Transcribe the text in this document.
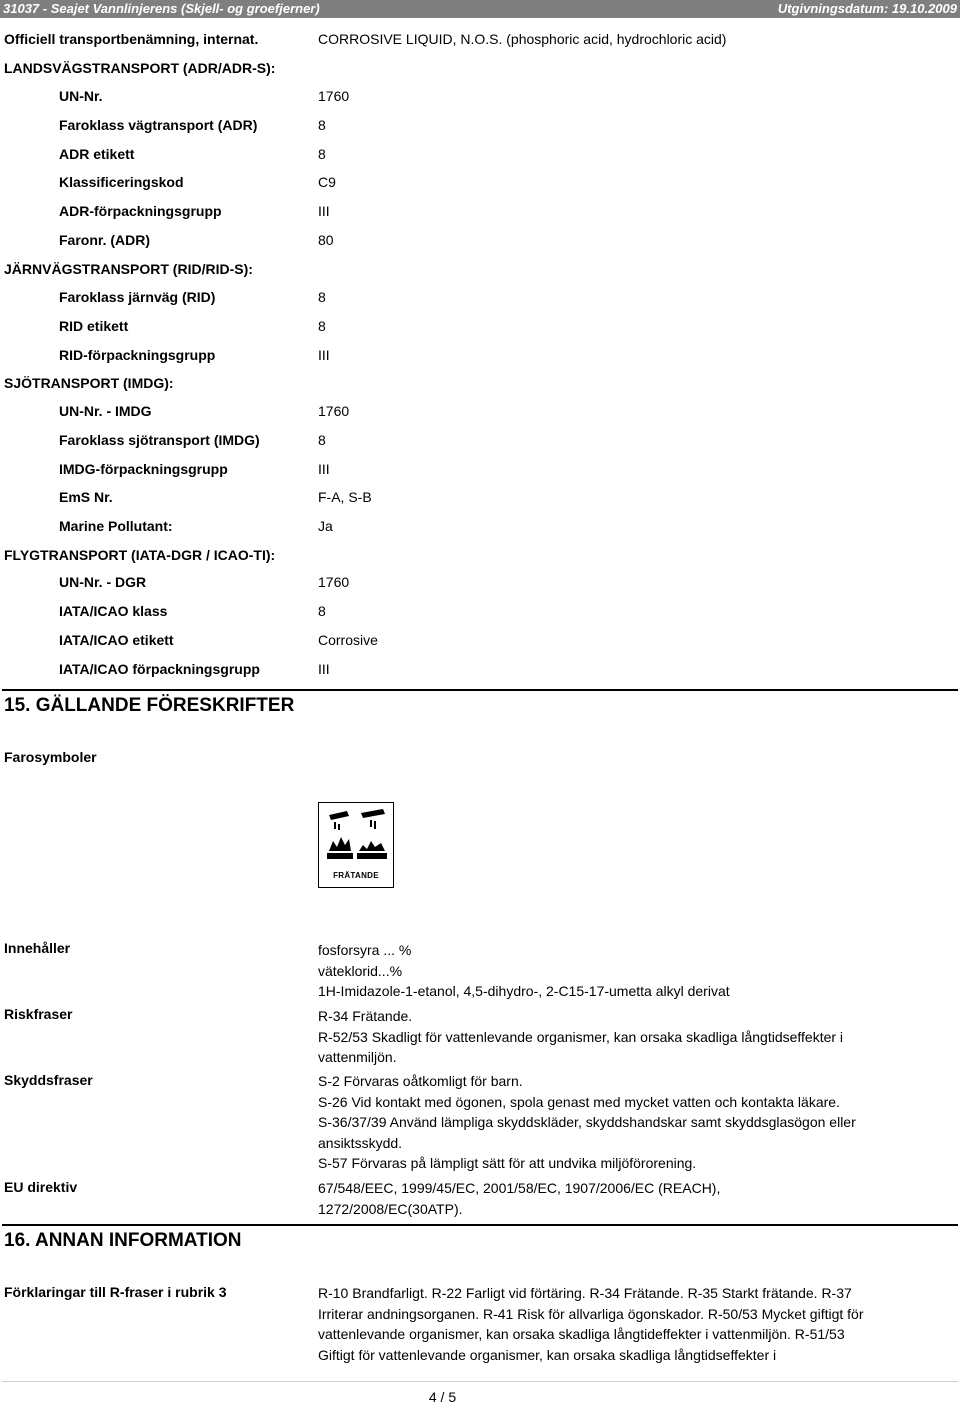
31037 - Seajet Vannlinjerens (Skjell- og groefjerner)	Utgivningsdatum: 19.10.2009
Officiell transportbenämning, internat.	CORROSIVE LIQUID, N.O.S. (phosphoric acid, hydrochloric acid)
LANDSVÄGSTRANSPORT (ADR/ADR-S):
UN-Nr.	1760
Faroklass vägtransport (ADR)	8
ADR etikett	8
Klassificeringskod	C9
ADR-förpackningsgrupp	III
Faronr. (ADR)	80
JÄRNVÄGSTRANSPORT (RID/RID-S):
Faroklass järnväg (RID)	8
RID etikett	8
RID-förpackningsgrupp	III
SJÖTRANSPORT (IMDG):
UN-Nr. - IMDG	1760
Faroklass sjötransport (IMDG)	8
IMDG-förpackningsgrupp	III
EmS Nr.	F-A, S-B
Marine Pollutant:	Ja
FLYGTRANSPORT (IATA-DGR / ICAO-TI):
UN-Nr. - DGR	1760
IATA/ICAO klass	8
IATA/ICAO etikett	Corrosive
IATA/ICAO förpackningsgrupp	III
15. GÄLLANDE FÖRESKRIFTER
Farosymboler
FRÄTANDE
Innehåller	fosforsyra ... %
väteklorid...%
1H-Imidazole-1-etanol, 4,5-dihydro-, 2-C15-17-umetta alkyl derivat
Riskfraser	R-34 Frätande.
R-52/53 Skadligt för vattenlevande organismer, kan orsaka skadliga långtidseffekter i vattenmiljön.
Skyddsfraser	S-2 Förvaras oåtkomligt för barn.
S-26 Vid kontakt med ögonen, spola genast med mycket vatten och kontakta läkare.
S-36/37/39 Använd lämpliga skyddskläder, skyddshandskar samt skyddsglasögon eller ansiktsskydd.
S-57 Förvaras på lämpligt sätt för att undvika miljöförorening.
EU direktiv	67/548/EEC, 1999/45/EC, 2001/58/EC, 1907/2006/EC (REACH), 1272/2008/EC(30ATP).
16. ANNAN INFORMATION
Förklaringar till R-fraser i rubrik 3	R-10 Brandfarligt. R-22 Farligt vid förtäring. R-34 Frätande. R-35 Starkt frätande. R-37 Irriterar andningsorganen. R-41 Risk för allvarliga ögonskador. R-50/53 Mycket giftigt för vattenlevande organismer, kan orsaka skadliga långtideffekter i vattenmiljön. R-51/53 Giftigt för vattenlevande organismer, kan orsaka skadliga långtidseffekter i
4 / 5
